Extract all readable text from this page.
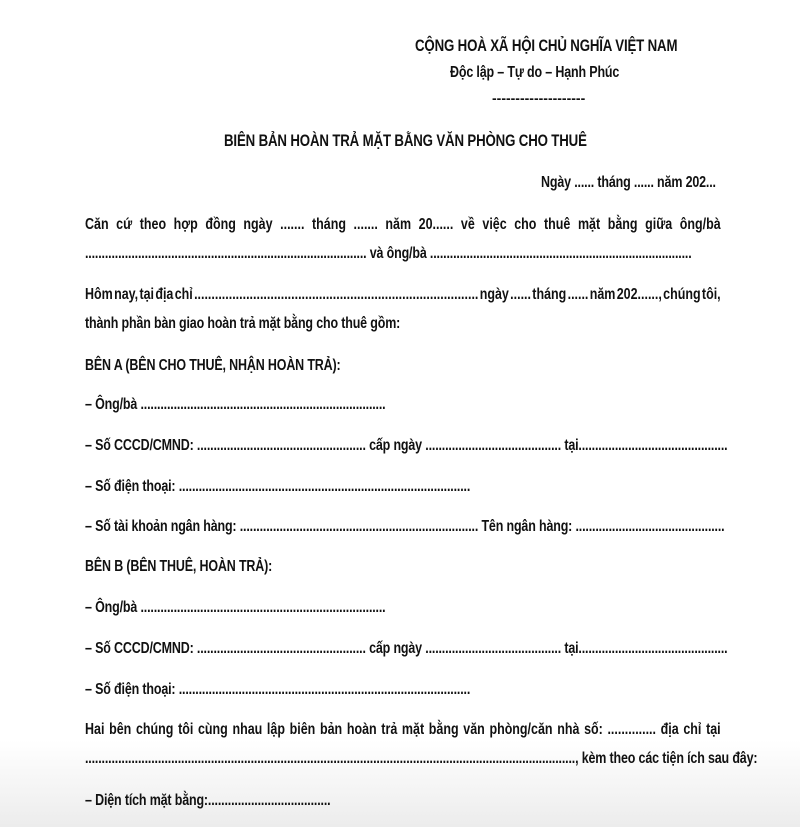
CỘNG HOÀ XÃ HỘI CHỦ NGHĨA VIỆT NAM
Độc lập – Tự do – Hạnh Phúc
--------------------
BIÊN BẢN HOÀN TRẢ MẶT BẰNG VĂN PHÒNG CHO THUÊ
Ngày ...... tháng ...... năm 202...
Căn cứ theo hợp đồng ngày ....... tháng ....... năm 20...... về việc cho thuê mặt bằng giữa ông/bà
..................................................................................... và ông/bà ...............................................................................
Hôm nay, tại địa chỉ .................................................................................. ngày ...... tháng ...... năm 202......, chúng tôi,
thành phần bàn giao hoàn trả mặt bằng cho thuê gồm:
BÊN A (BÊN CHO THUÊ, NHẬN HOÀN TRẢ):
– Ông/bà ..........................................................................
– Số CCCD/CMND: ................................................... cấp ngày ......................................... tại.............................................
– Số điện thoại: ........................................................................................
– Số tài khoản ngân hàng: ........................................................................ Tên ngân hàng: .............................................
BÊN B (BÊN THUÊ, HOÀN TRẢ):
– Ông/bà ..........................................................................
– Số CCCD/CMND: ................................................... cấp ngày ......................................... tại.............................................
– Số điện thoại: ........................................................................................
Hai bên chúng tôi cùng nhau lập biên bản hoàn trả mặt bằng văn phòng/căn nhà số: .............. địa chỉ tại
...................................................................................................................................................., kèm theo các tiện ích sau đây:
– Diện tích mặt bằng:.....................................
